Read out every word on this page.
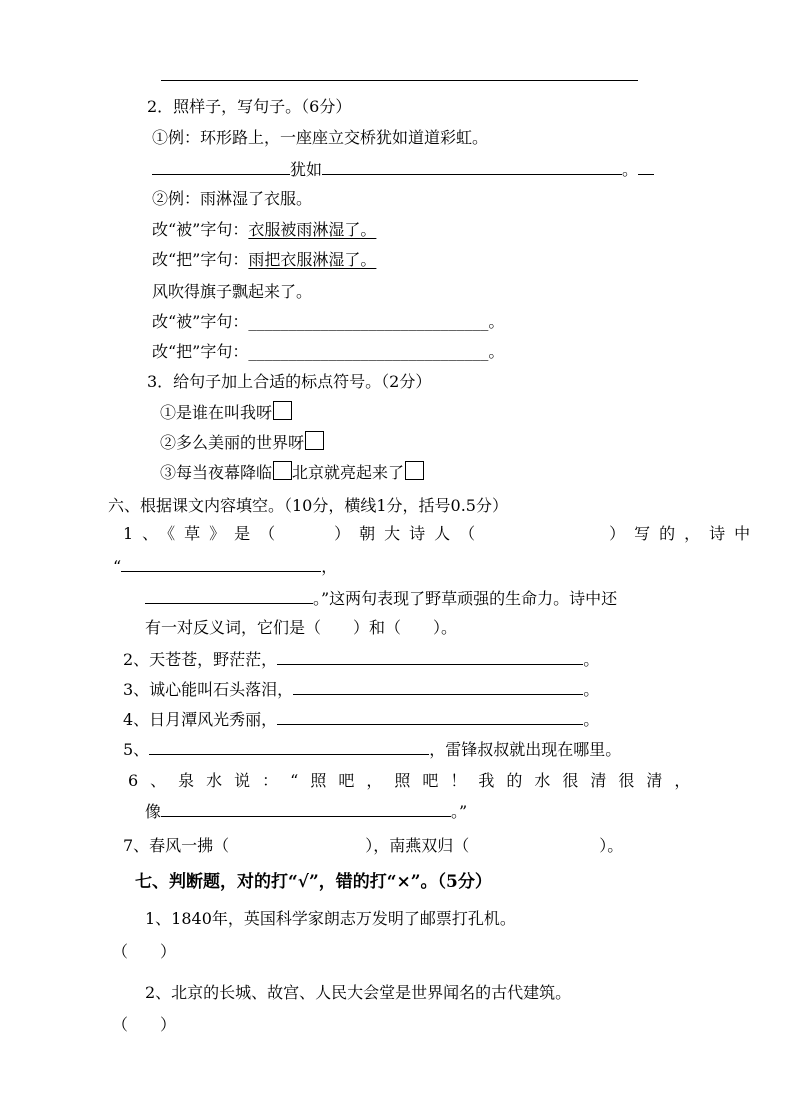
2．照样子，写句子。（6分）
①例：环形路上，一座座立交桥犹如道道彩虹。
犹如	。
②例：雨淋湿了衣服。
改“被”字句：衣服被雨淋湿了。
改“把”字句：雨把衣服淋湿了。
风吹得旗子飘起来了。
改“被”字句：______________________________。
改“把”字句：______________________________。
3．给句子加上合适的标点符号。（2分）
①是谁在叫我呀
②多么美丽的世界呀
③每当夜幕降临 北京就亮起来了
六、根据课文内容填空。（10分，横线1分，括号0.5分）
1、《草》是（　　）朝大诗人（　　　　　）写的，诗中
“	，
。”这两句表现了野草顽强的生命力。诗中还
有一对反义词，它们是（　　）和（　　）。
2、天苍苍，野茫茫，	。
3、诚心能叫石头落泪，	。
4、日月潭风光秀丽，	。
5、	，雷锋叔叔就出现在哪里。
6、泉水说：“照吧，照吧！我的水很清很清，
像	。”
7、春风一拂（	），南燕双归（	）。
七、判断题，对的打“√”，错的打“×”。（5分）
1、1840年，英国科学家朗志万发明了邮票打孔机。
（　　）
2、北京的长城、故宫、人民大会堂是世界闻名的古代建筑。
（　　）
